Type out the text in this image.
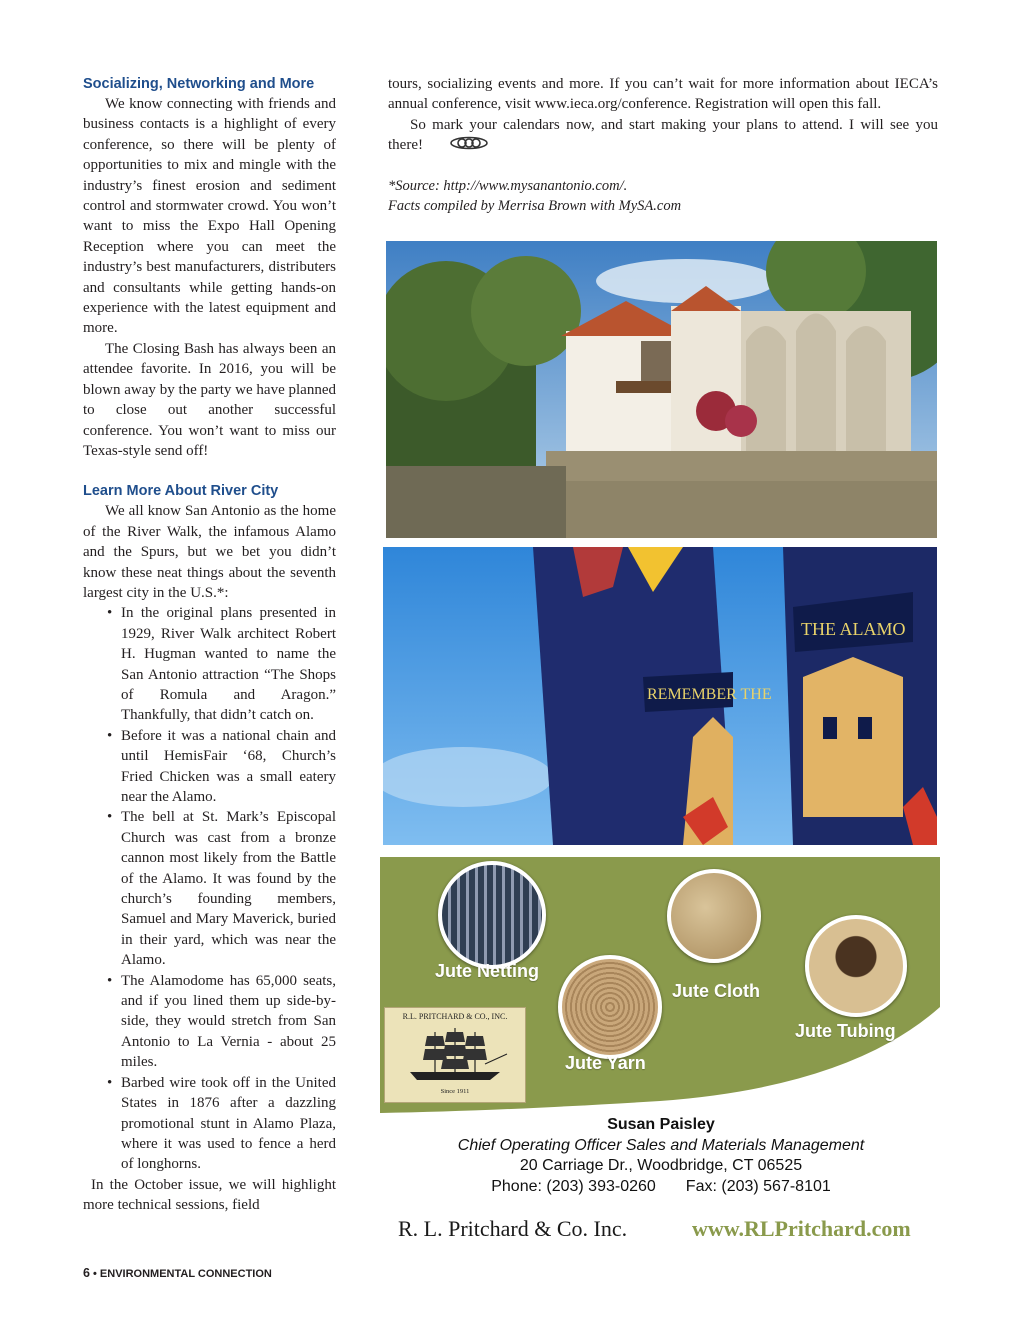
Socializing, Networking and More

We know connecting with friends and business contacts is a highlight of every conference, so there will be plenty of opportunities to mix and mingle with the industry’s finest erosion and sediment control and stormwater crowd. You won’t want to miss the Expo Hall Opening Reception where you can meet the industry’s best manufacturers, distributers and consultants while getting hands-on experience with the latest equipment and more.

The Closing Bash has always been an attendee favorite. In 2016, you will be blown away by the party we have planned to close out another successful conference. You won’t want to miss our Texas-style send off!

Learn More About River City

We all know San Antonio as the home of the River Walk, the infamous Alamo and the Spurs, but we bet you didn’t know these neat things about the seventh largest city in the U.S.*:

• In the original plans presented in 1929, River Walk architect Robert H. Hugman wanted to name the San Antonio attraction “The Shops of Romula and Aragon.” Thankfully, that didn’t catch on.
• Before it was a national chain and until HemisFair ‘68, Church’s Fried Chicken was a small eatery near the Alamo.
• The bell at St. Mark’s Episcopal Church was cast from a bronze cannon most likely from the Battle of the Alamo. It was found by the church’s founding members, Samuel and Mary Maverick, buried in their yard, which was near the Alamo.
• The Alamodome has 65,000 seats, and if you lined them up side-by-side, they would stretch from San Antonio to La Vernia - about 25 miles.
• Barbed wire took off in the United States in 1876 after a dazzling promotional stunt in Alamo Plaza, where it was used to fence a herd of longhorns.

In the October issue, we will highlight more technical sessions, field

tours, socializing events and more. If you can’t wait for more information about IECA’s annual conference, visit www.ieca.org/conference. Registration will open this fall.

So mark your calendars now, and start making your plans to attend. I will see you there!

*Source: http://www.mysanantonio.com/.

Facts compiled by Merrisa Brown with MySA.com

REMEMBER THE
THE ALAMO
Jute Netting
Jute Cloth
Jute Tubing
Jute Yarn
R.L. PRITCHARD & CO., INC.
Since 1911
Susan Paisley
Chief Operating Officer Sales and Materials Management
20 Carriage Dr., Woodbridge, CT 06525
Phone: (203) 393-0260 Fax: (203) 567-8101
R. L. Pritchard & Co. Inc.	www.RLPritchard.com
6 • ENVIRONMENTAL CONNECTION
